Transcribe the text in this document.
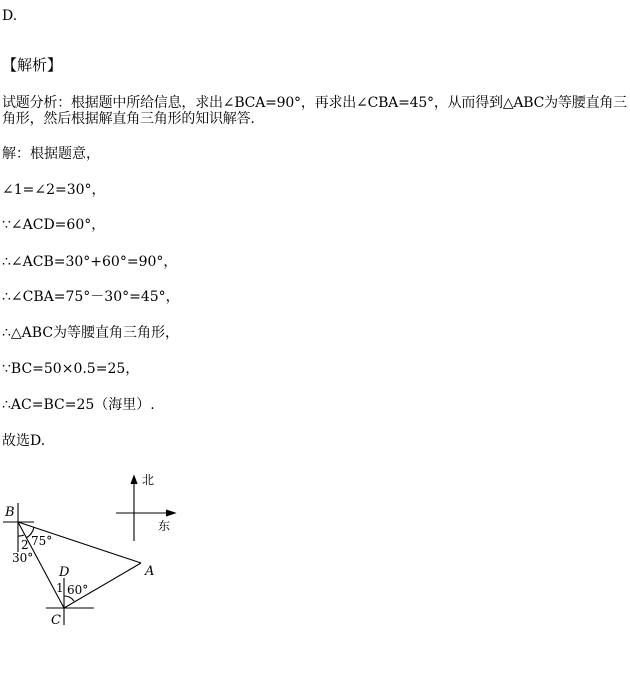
D.
【解析】

试题分析：根据题中所给信息，求出∠BCA=90°，再求出∠CBA=45°，从而得到△ABC为等腰直角三角形，然后根据解直角三角形的知识解答.

解：根据题意，
∠1=∠2=30°，
∵∠ACD=60°，
∴∠ACB=30°+60°=90°，
∴∠CBA=75°－30°=45°，
∴△ABC为等腰直角三角形，
∵BC=50×0.5=25，
∴AC=BC=25（海里）.
故选D.
北
东
B
2 75°
30°
D
1 60°
A
C
